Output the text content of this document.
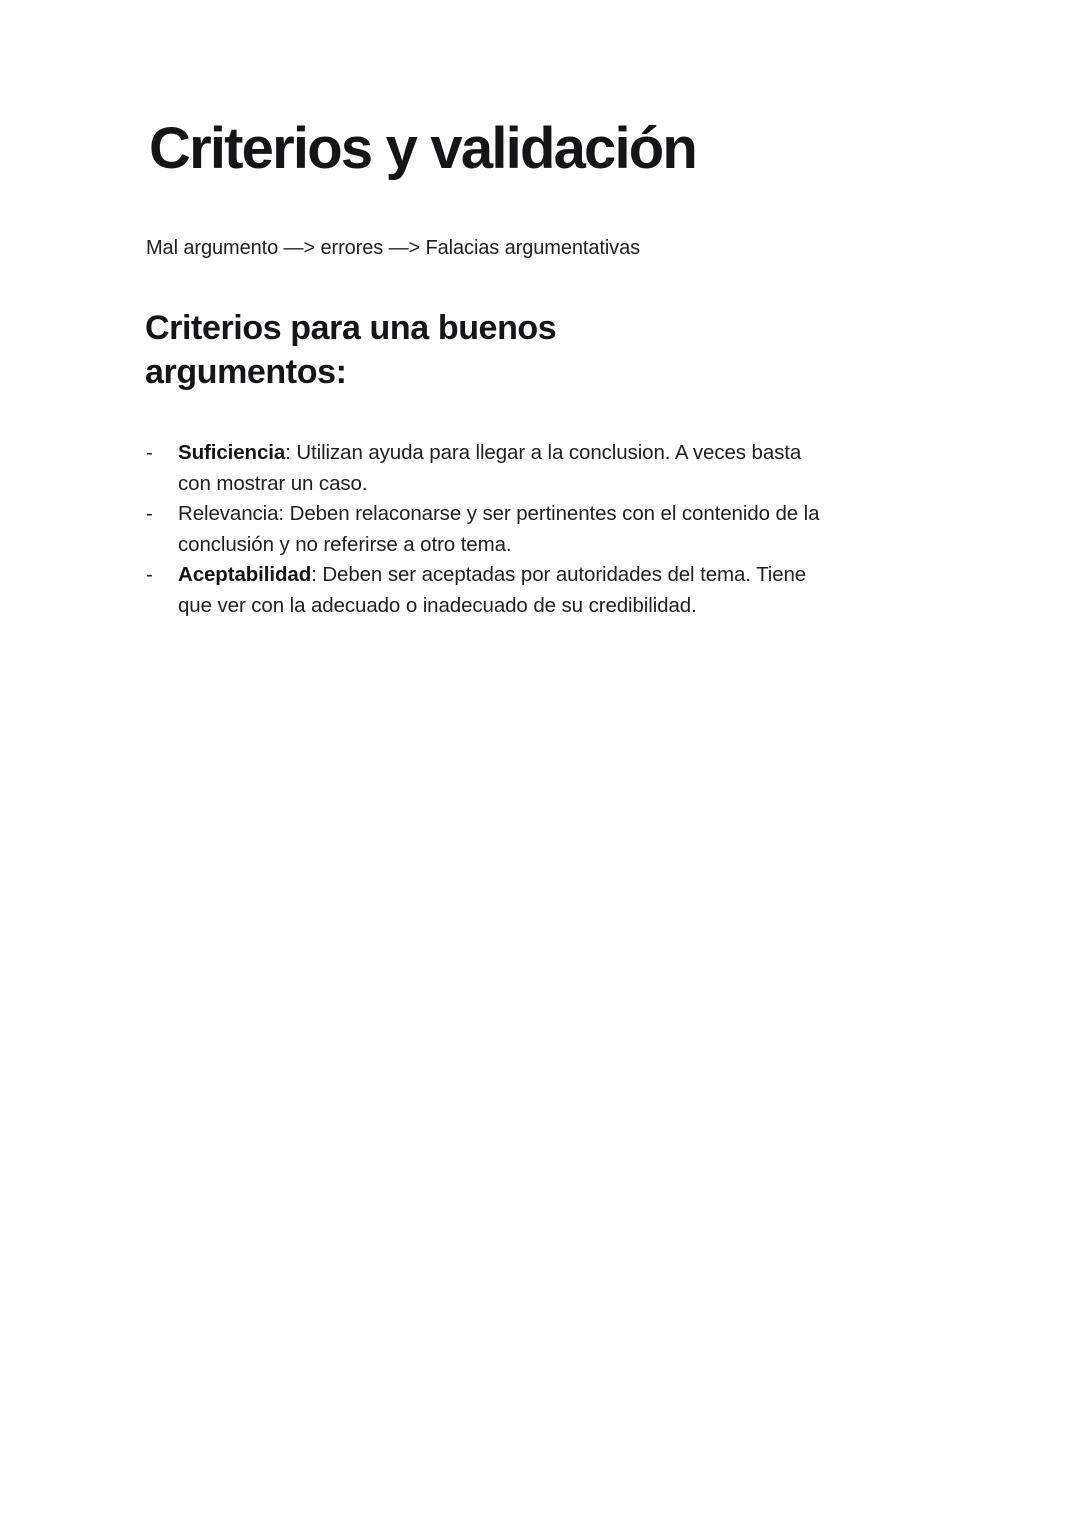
Criterios y validación

Mal argumento —> errores —> Falacias argumentativas

Criterios para una buenos
argumentos:
-	Suficiencia: Utilizan ayuda para llegar a la conclusion. A veces basta
con mostrar un caso.
-	Relevancia: Deben relaconarse y ser pertinentes con el contenido de la
conclusión y no referirse a otro tema.
-	Aceptabilidad: Deben ser aceptadas por autoridades del tema. Tiene
que ver con la adecuado o inadecuado de su credibilidad.
